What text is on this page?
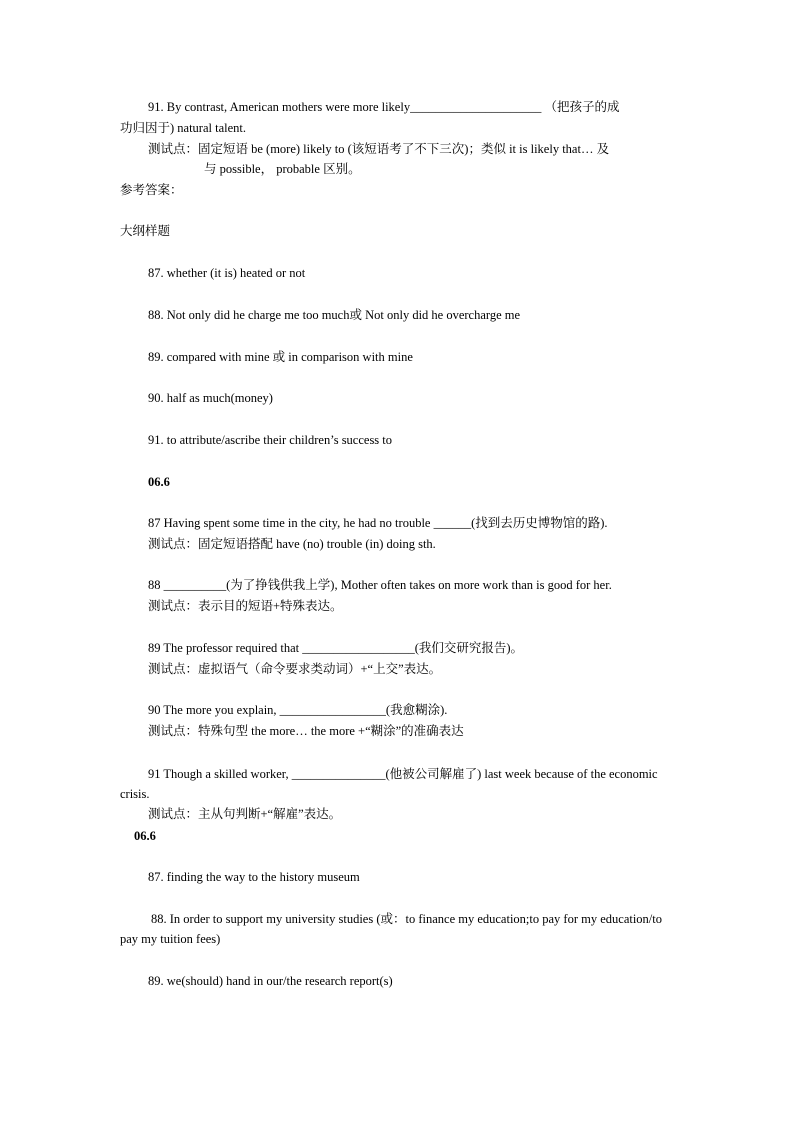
91. By contrast, American mothers were more likely_____________________ （把孩子的成
功归因于) natural talent.
测试点：固定短语 be (more) likely to (该短语考了不下三次)；类似 it is likely that… 及
与 possible， probable 区别。
参考答案：
大纲样题
87. whether (it is) heated or not
88. Not only did he charge me too much或 Not only did he overcharge me
89. compared with mine 或 in comparison with mine
90. half as much(money)
91. to attribute/ascribe their children’s success to
06.6
87 Having spent some time in the city, he had no trouble ______(找到去历史博物馆的路).
测试点：固定短语搭配 have (no) trouble (in) doing sth.
88 __________(为了挣钱供我上学), Mother often takes on more work than is good for her.
测试点：表示目的短语+特殊表达。
89 The professor required that __________________(我们交研究报告)。
测试点：虚拟语气（命令要求类动词）+“上交”表达。
90 The more you explain, _________________(我愈糊涂).
测试点：特殊句型 the more… the more +“糊涂”的准确表达
91 Though a skilled worker, _______________(他被公司解雇了) last week because of the economic crisis.
测试点：主从句判断+“解雇”表达。
06.6
87. finding the way to the history museum
88. In order to support my university studies (或：to finance my education;to pay for my education/to pay my tuition fees)
89. we(should) hand in our/the research report(s)
